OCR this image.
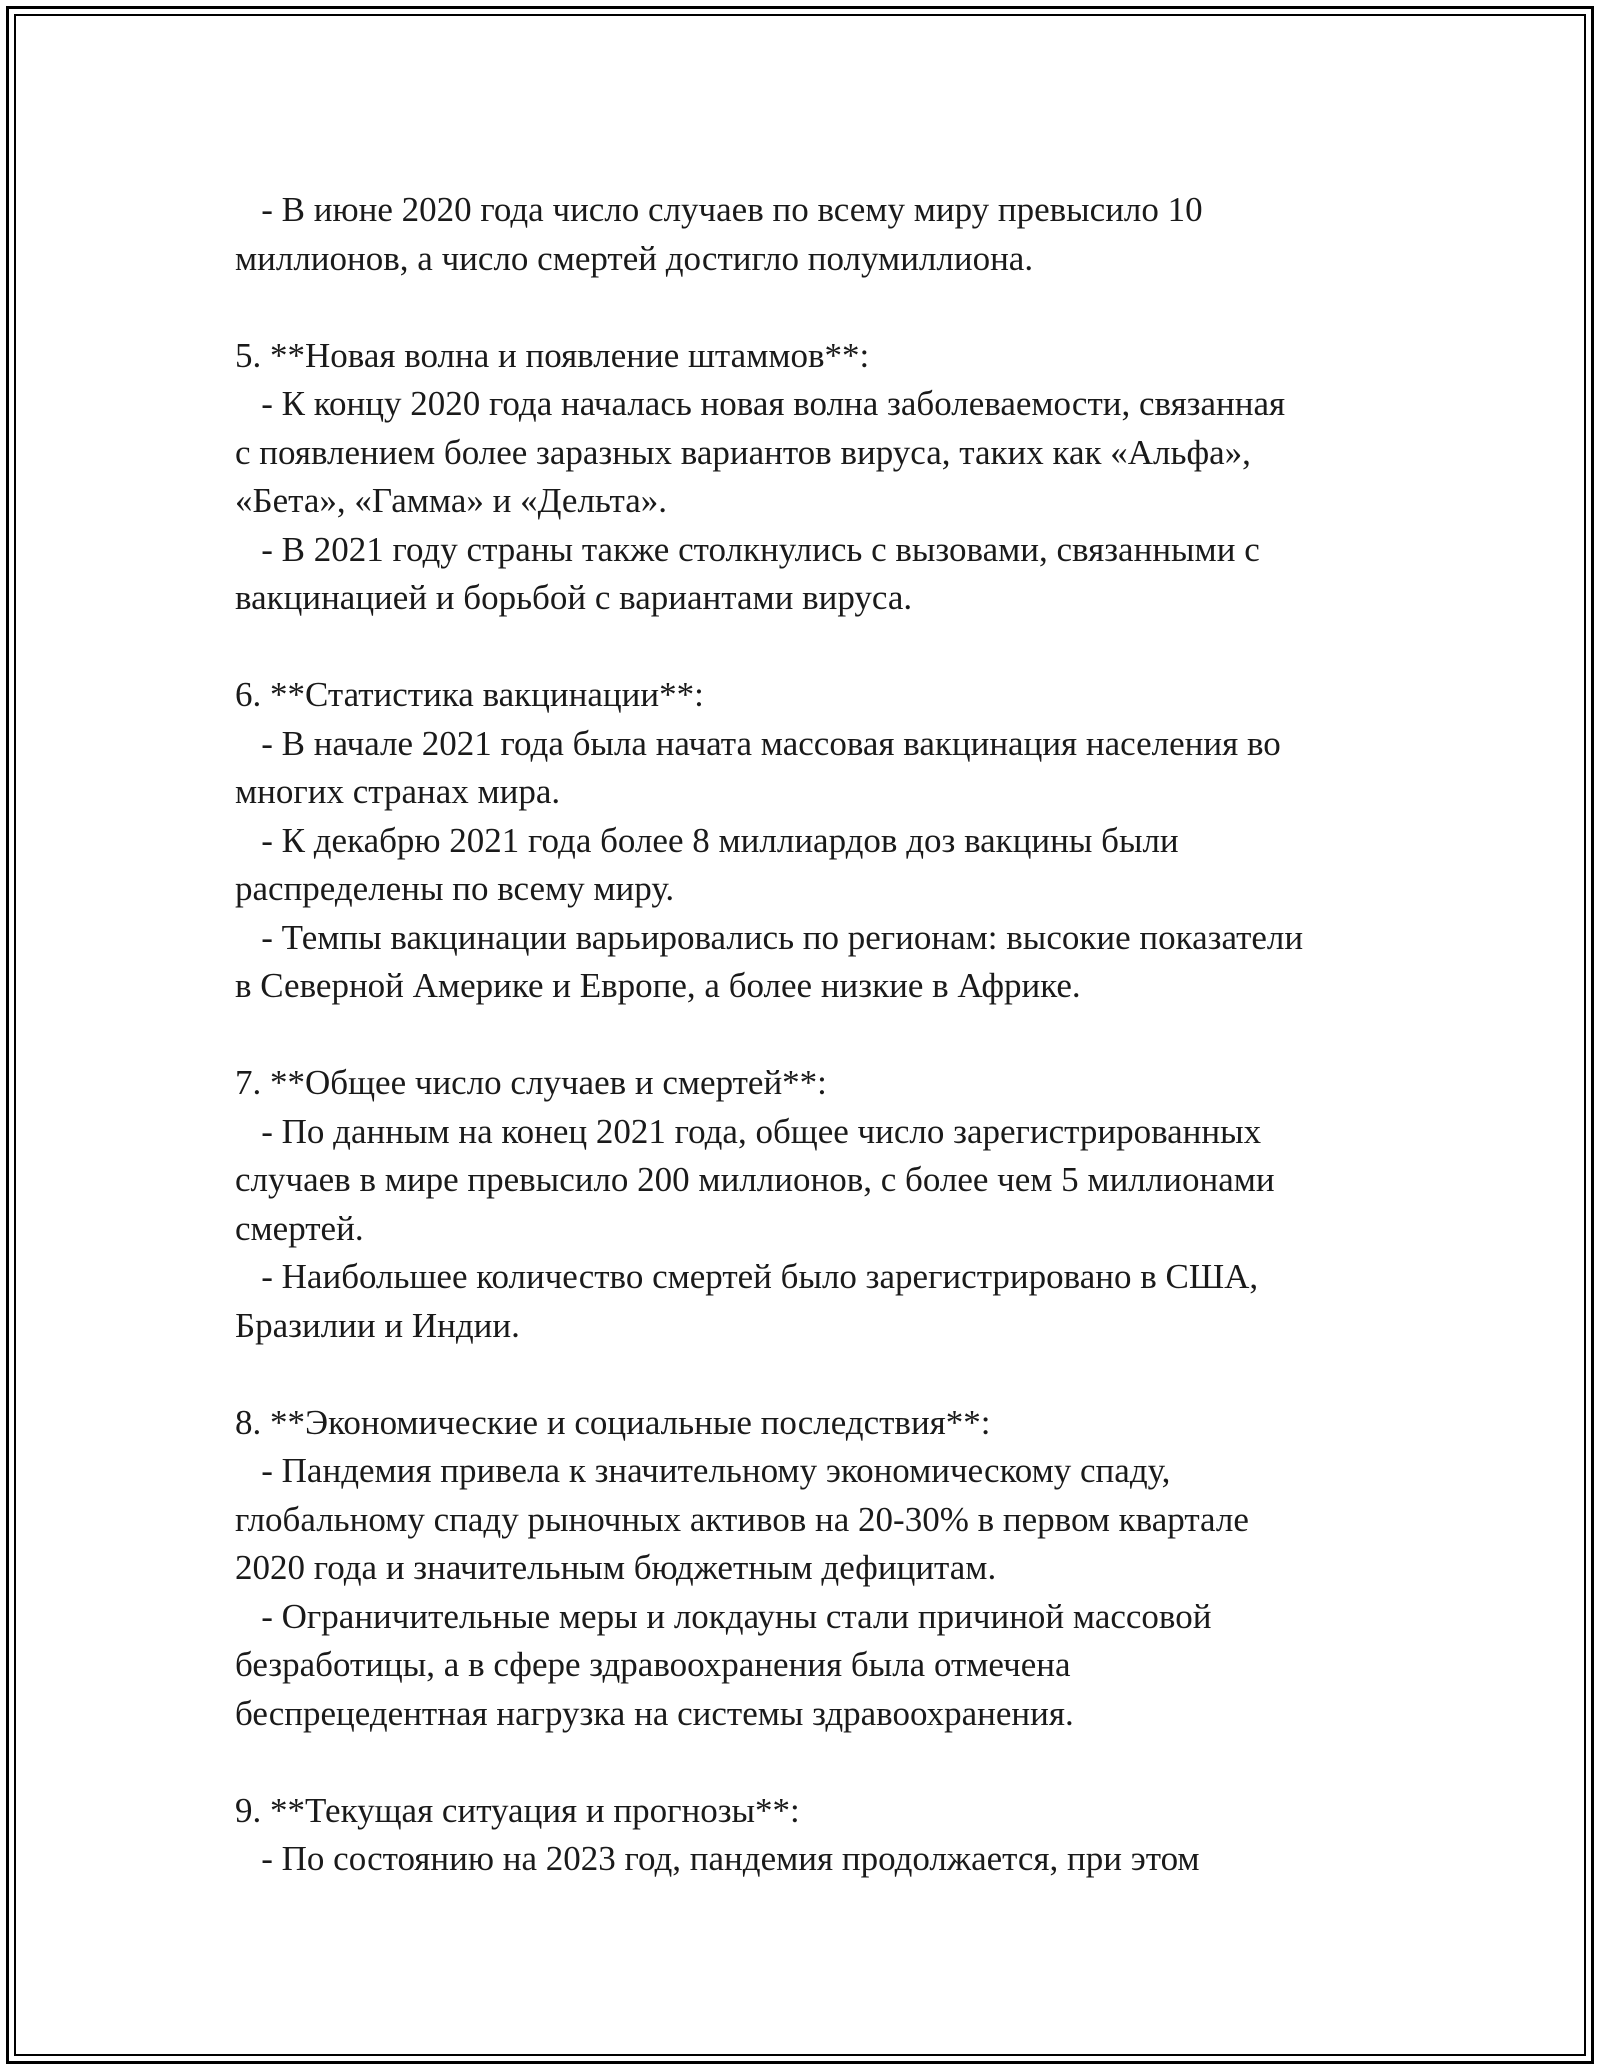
- В июне 2020 года число случаев по всему миру превысило 10
миллионов, а число смертей достигло полумиллиона.
5. **Новая волна и появление штаммов**:
- К концу 2020 года началась новая волна заболеваемости, связанная
с появлением более заразных вариантов вируса, таких как «Альфа»,
«Бета», «Гамма» и «Дельта».
- В 2021 году страны также столкнулись с вызовами, связанными с
вакцинацией и борьбой с вариантами вируса.
6. **Статистика вакцинации**:
- В начале 2021 года была начата массовая вакцинация населения во
многих странах мира.
- К декабрю 2021 года более 8 миллиардов доз вакцины были
распределены по всему миру.
- Темпы вакцинации варьировались по регионам: высокие показатели
в Северной Америке и Европе, а более низкие в Африке.
7. **Общее число случаев и смертей**:
- По данным на конец 2021 года, общее число зарегистрированных
случаев в мире превысило 200 миллионов, с более чем 5 миллионами
смертей.
- Наибольшее количество смертей было зарегистрировано в США,
Бразилии и Индии.
8. **Экономические и социальные последствия**:
- Пандемия привела к значительному экономическому спаду,
глобальному спаду рыночных активов на 20-30% в первом квартале
2020 года и значительным бюджетным дефицитам.
- Ограничительные меры и локдауны стали причиной массовой
безработицы, а в сфере здравоохранения была отмечена
беспрецедентная нагрузка на системы здравоохранения.
9. **Текущая ситуация и прогнозы**:
- По состоянию на 2023 год, пандемия продолжается, при этом
